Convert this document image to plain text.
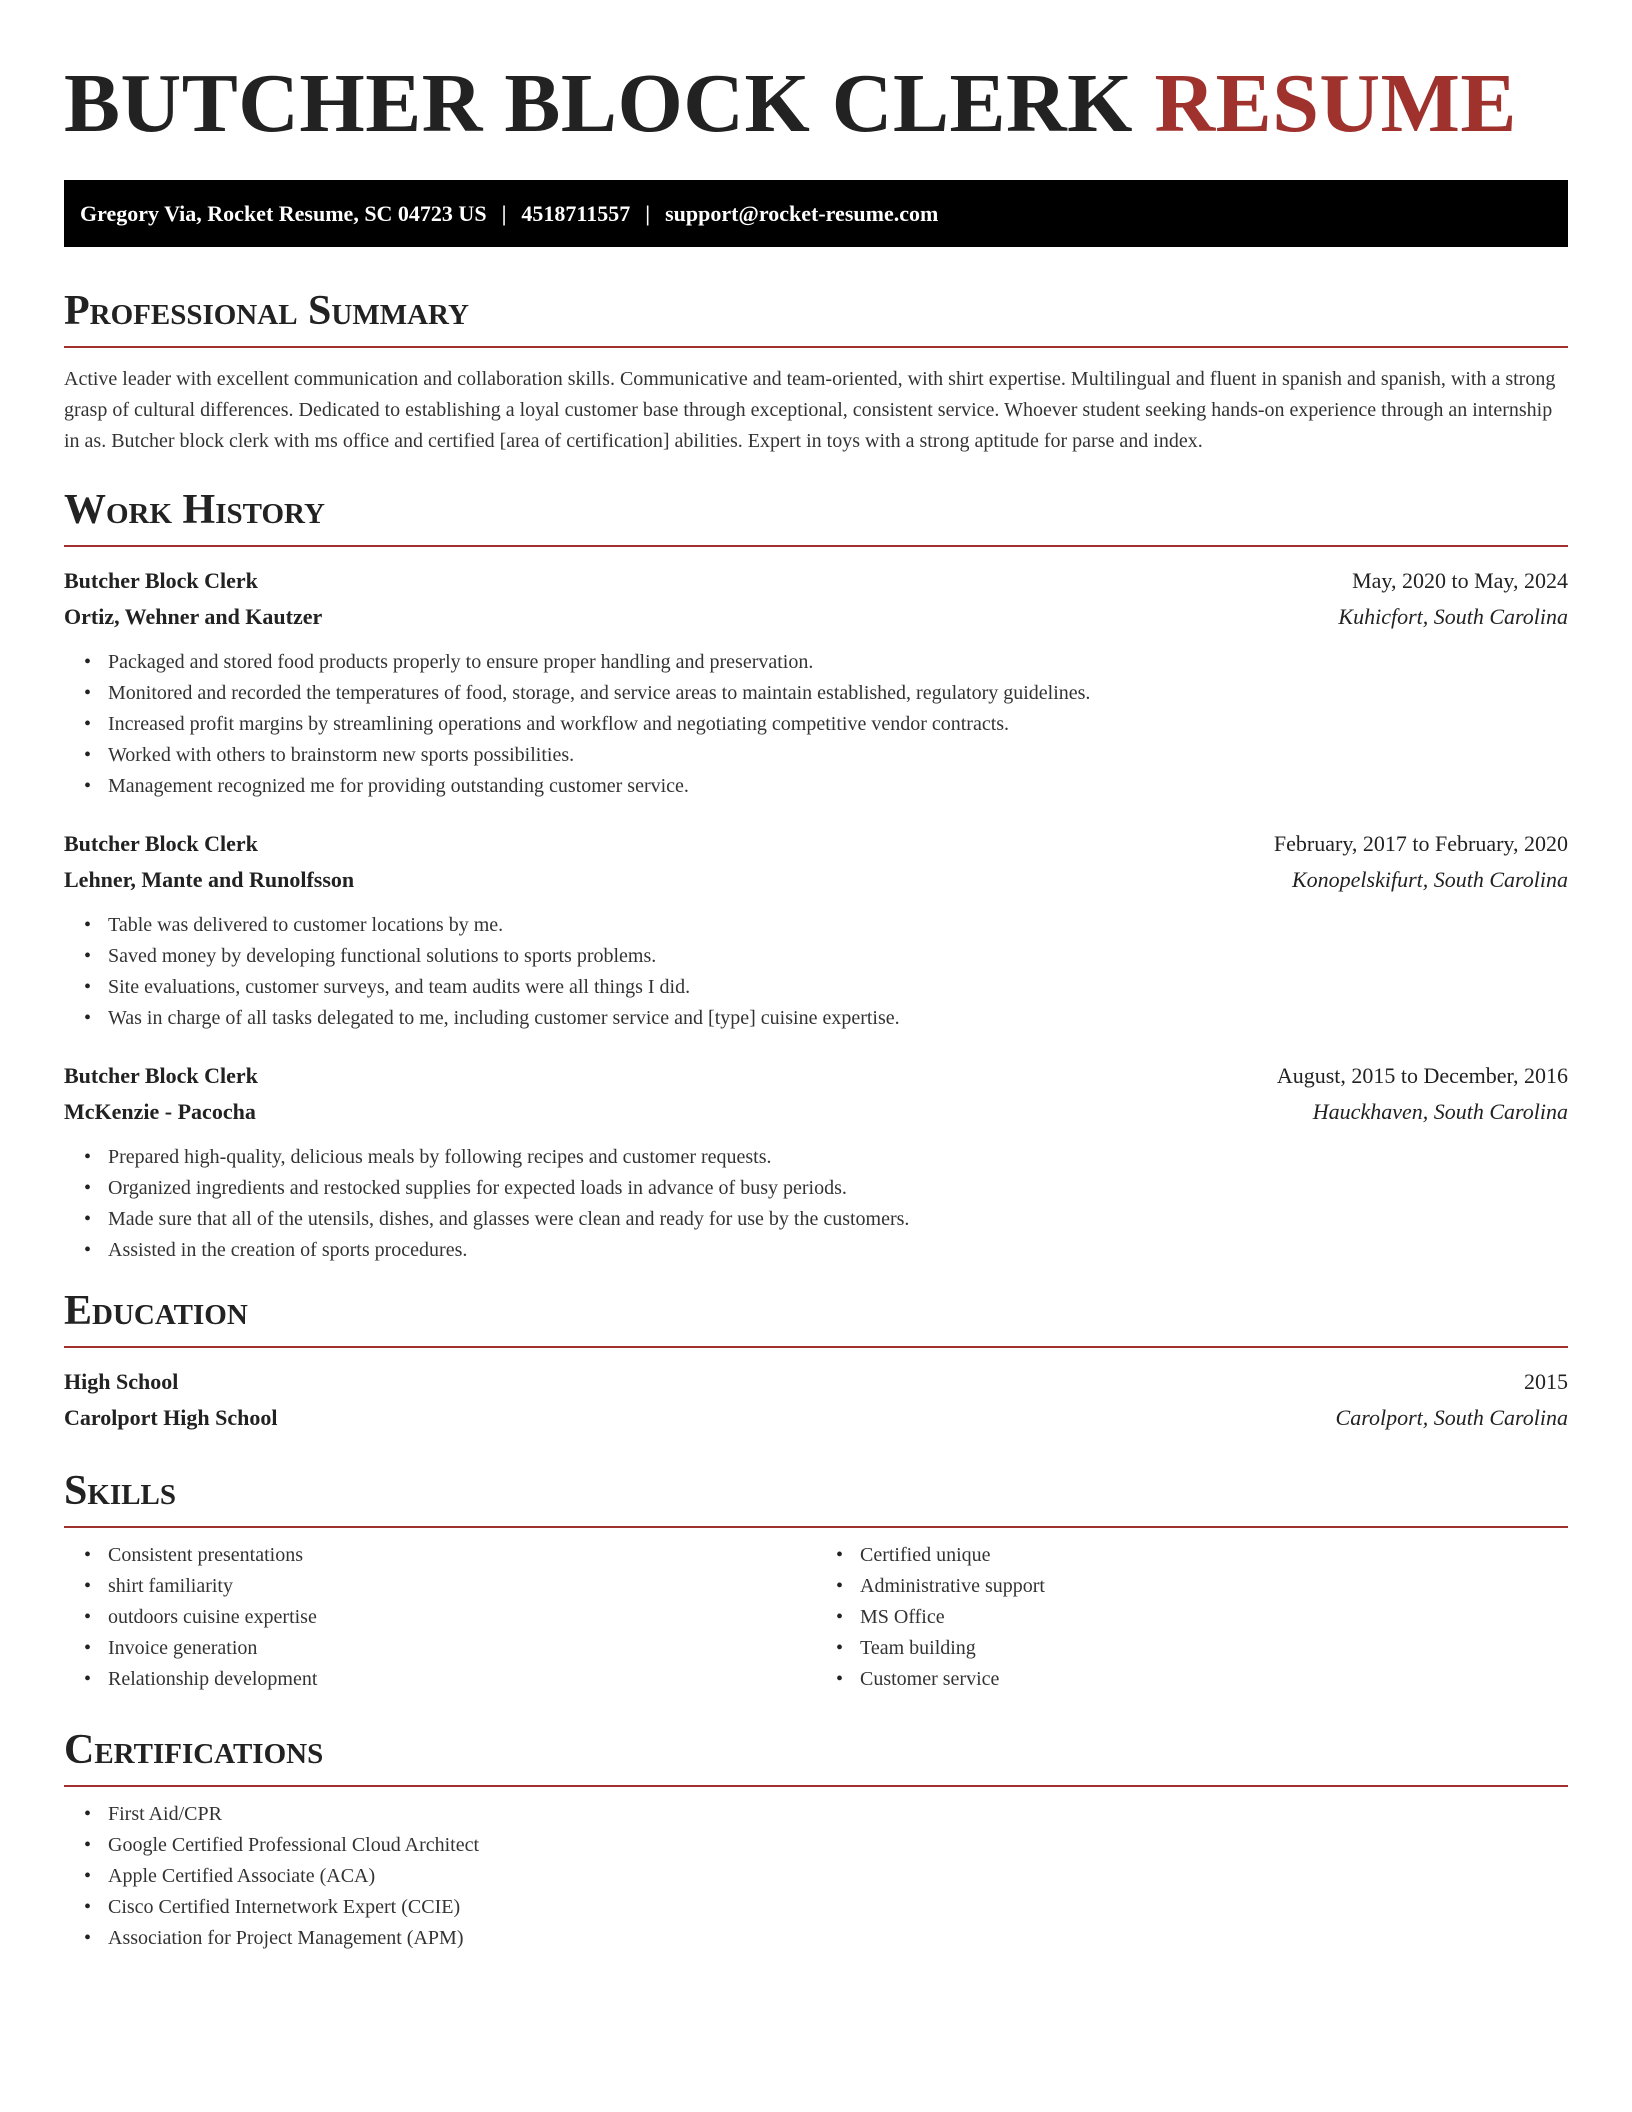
BUTCHER BLOCK CLERK RESUME
Gregory Via, Rocket Resume, SC 04723 US | 4518711557 | support@rocket-resume.com
Professional Summary

Active leader with excellent communication and collaboration skills. Communicative and team-oriented, with shirt expertise. Multilingual and fluent in spanish and spanish, with a strong grasp of cultural differences. Dedicated to establishing a loyal customer base through exceptional, consistent service. Whoever student seeking hands-on experience through an internship in as. Butcher block clerk with ms office and certified [area of certification] abilities. Expert in toys with a strong aptitude for parse and index.

Work History
Butcher Block Clerk	May, 2020 to May, 2024
Ortiz, Wehner and Kautzer	Kuhicfort, South Carolina
• Packaged and stored food products properly to ensure proper handling and preservation.
• Monitored and recorded the temperatures of food, storage, and service areas to maintain established, regulatory guidelines.
• Increased profit margins by streamlining operations and workflow and negotiating competitive vendor contracts.
• Worked with others to brainstorm new sports possibilities.
• Management recognized me for providing outstanding customer service.
Butcher Block Clerk	February, 2017 to February, 2020
Lehner, Mante and Runolfsson	Konopelskifurt, South Carolina
• Table was delivered to customer locations by me.
• Saved money by developing functional solutions to sports problems.
• Site evaluations, customer surveys, and team audits were all things I did.
• Was in charge of all tasks delegated to me, including customer service and [type] cuisine expertise.
Butcher Block Clerk	August, 2015 to December, 2016
McKenzie - Pacocha	Hauckhaven, South Carolina
• Prepared high-quality, delicious meals by following recipes and customer requests.
• Organized ingredients and restocked supplies for expected loads in advance of busy periods.
• Made sure that all of the utensils, dishes, and glasses were clean and ready for use by the customers.
• Assisted in the creation of sports procedures.
Education
High School	2015
Carolport High School	Carolport, South Carolina
Skills
• Consistent presentations
• shirt familiarity
• outdoors cuisine expertise
• Invoice generation
• Relationship development
• Certified unique
• Administrative support
• MS Office
• Team building
• Customer service
Certifications
• First Aid/CPR
• Google Certified Professional Cloud Architect
• Apple Certified Associate (ACA)
• Cisco Certified Internetwork Expert (CCIE)
• Association for Project Management (APM)
